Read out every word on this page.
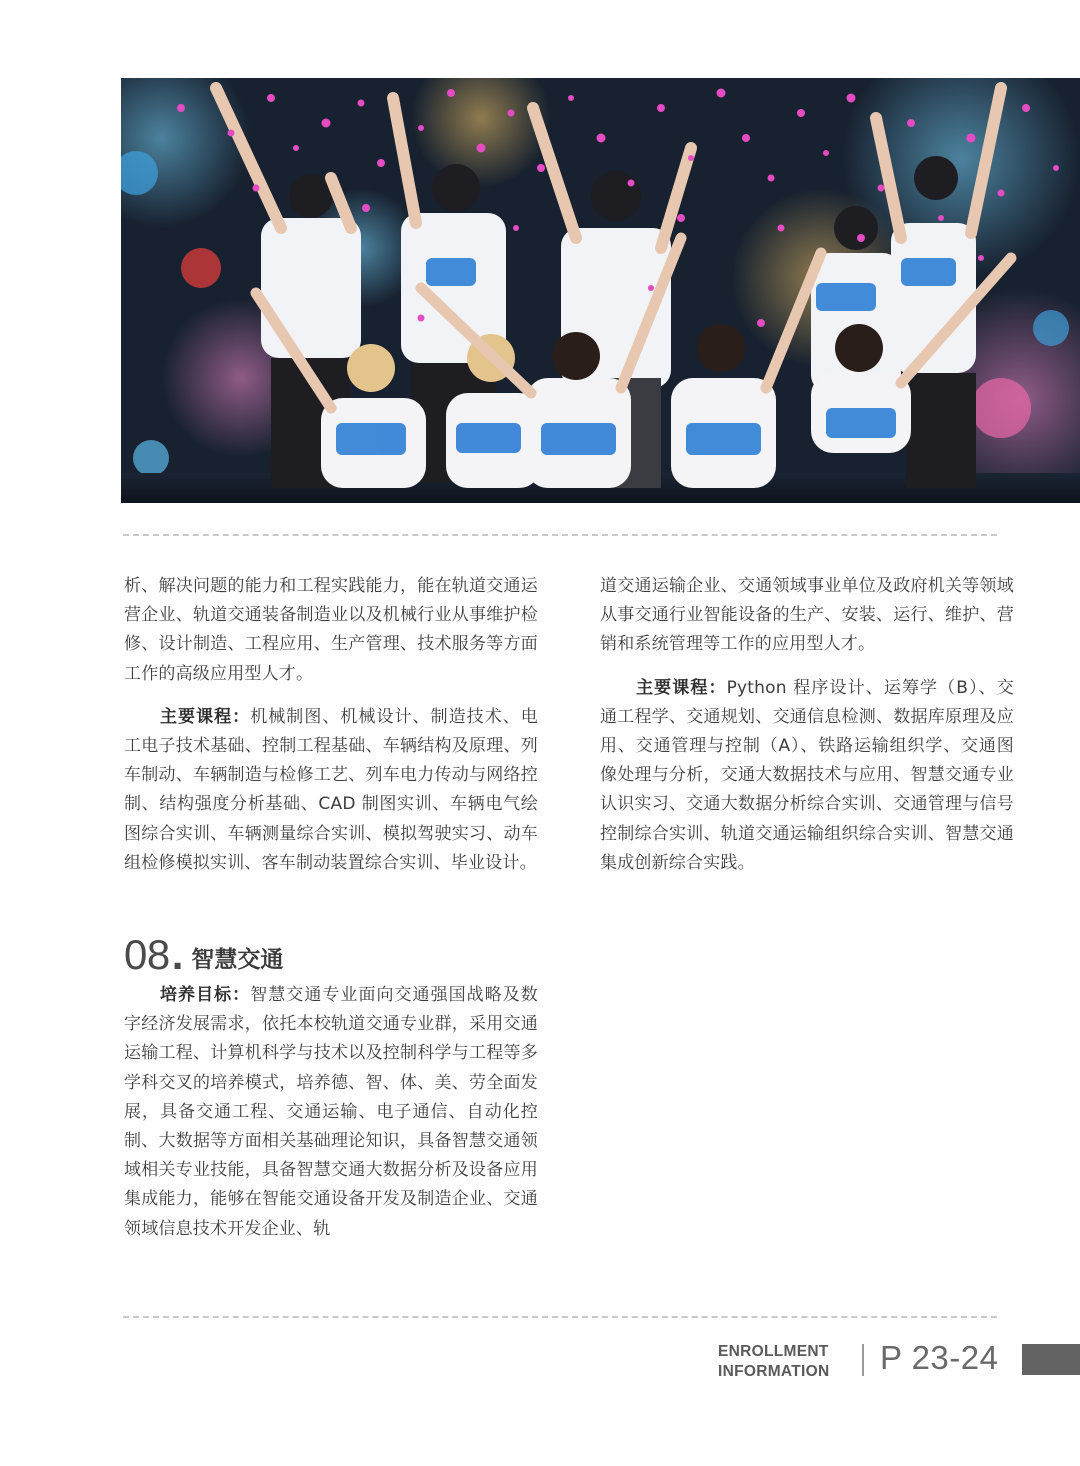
析、解决问题的能力和工程实践能力，能在轨道交通运营企业、轨道交通装备制造业以及机械行业从事维护检修、设计制造、工程应用、生产管理、技术服务等方面工作的高级应用型人才。

主要课程：机械制图、机械设计、制造技术、电工电子技术基础、控制工程基础、车辆结构及原理、列车制动、车辆制造与检修工艺、列车电力传动与网络控制、结构强度分析基础、CAD 制图实训、车辆电气绘图综合实训、车辆测量综合实训、模拟驾驶实习、动车组检修模拟实训、客车制动装置综合实训、毕业设计。

08 . 智慧交通

培养目标：智慧交通专业面向交通强国战略及数字经济发展需求，依托本校轨道交通专业群，采用交通运输工程、计算机科学与技术以及控制科学与工程等多学科交叉的培养模式，培养德、智、体、美、劳全面发展，具备交通工程、交通运输、电子通信、自动化控制、大数据等方面相关基础理论知识，具备智慧交通领域相关专业技能，具备智慧交通大数据分析及设备应用集成能力，能够在智能交通设备开发及制造企业、交通领域信息技术开发企业、轨

道交通运输企业、交通领域事业单位及政府机关等领域从事交通行业智能设备的生产、安装、运行、维护、营销和系统管理等工作的应用型人才。

主要课程：Python 程序设计、运筹学（B）、交通工程学、交通规划、交通信息检测、数据库原理及应用、交通管理与控制（A）、铁路运输组织学、交通图像处理与分析，交通大数据技术与应用、智慧交通专业认识实习、交通大数据分析综合实训、交通管理与信号控制综合实训、轨道交通运输组织综合实训、智慧交通集成创新综合实践。

ENROLLMENT
INFORMATION P 23-24
